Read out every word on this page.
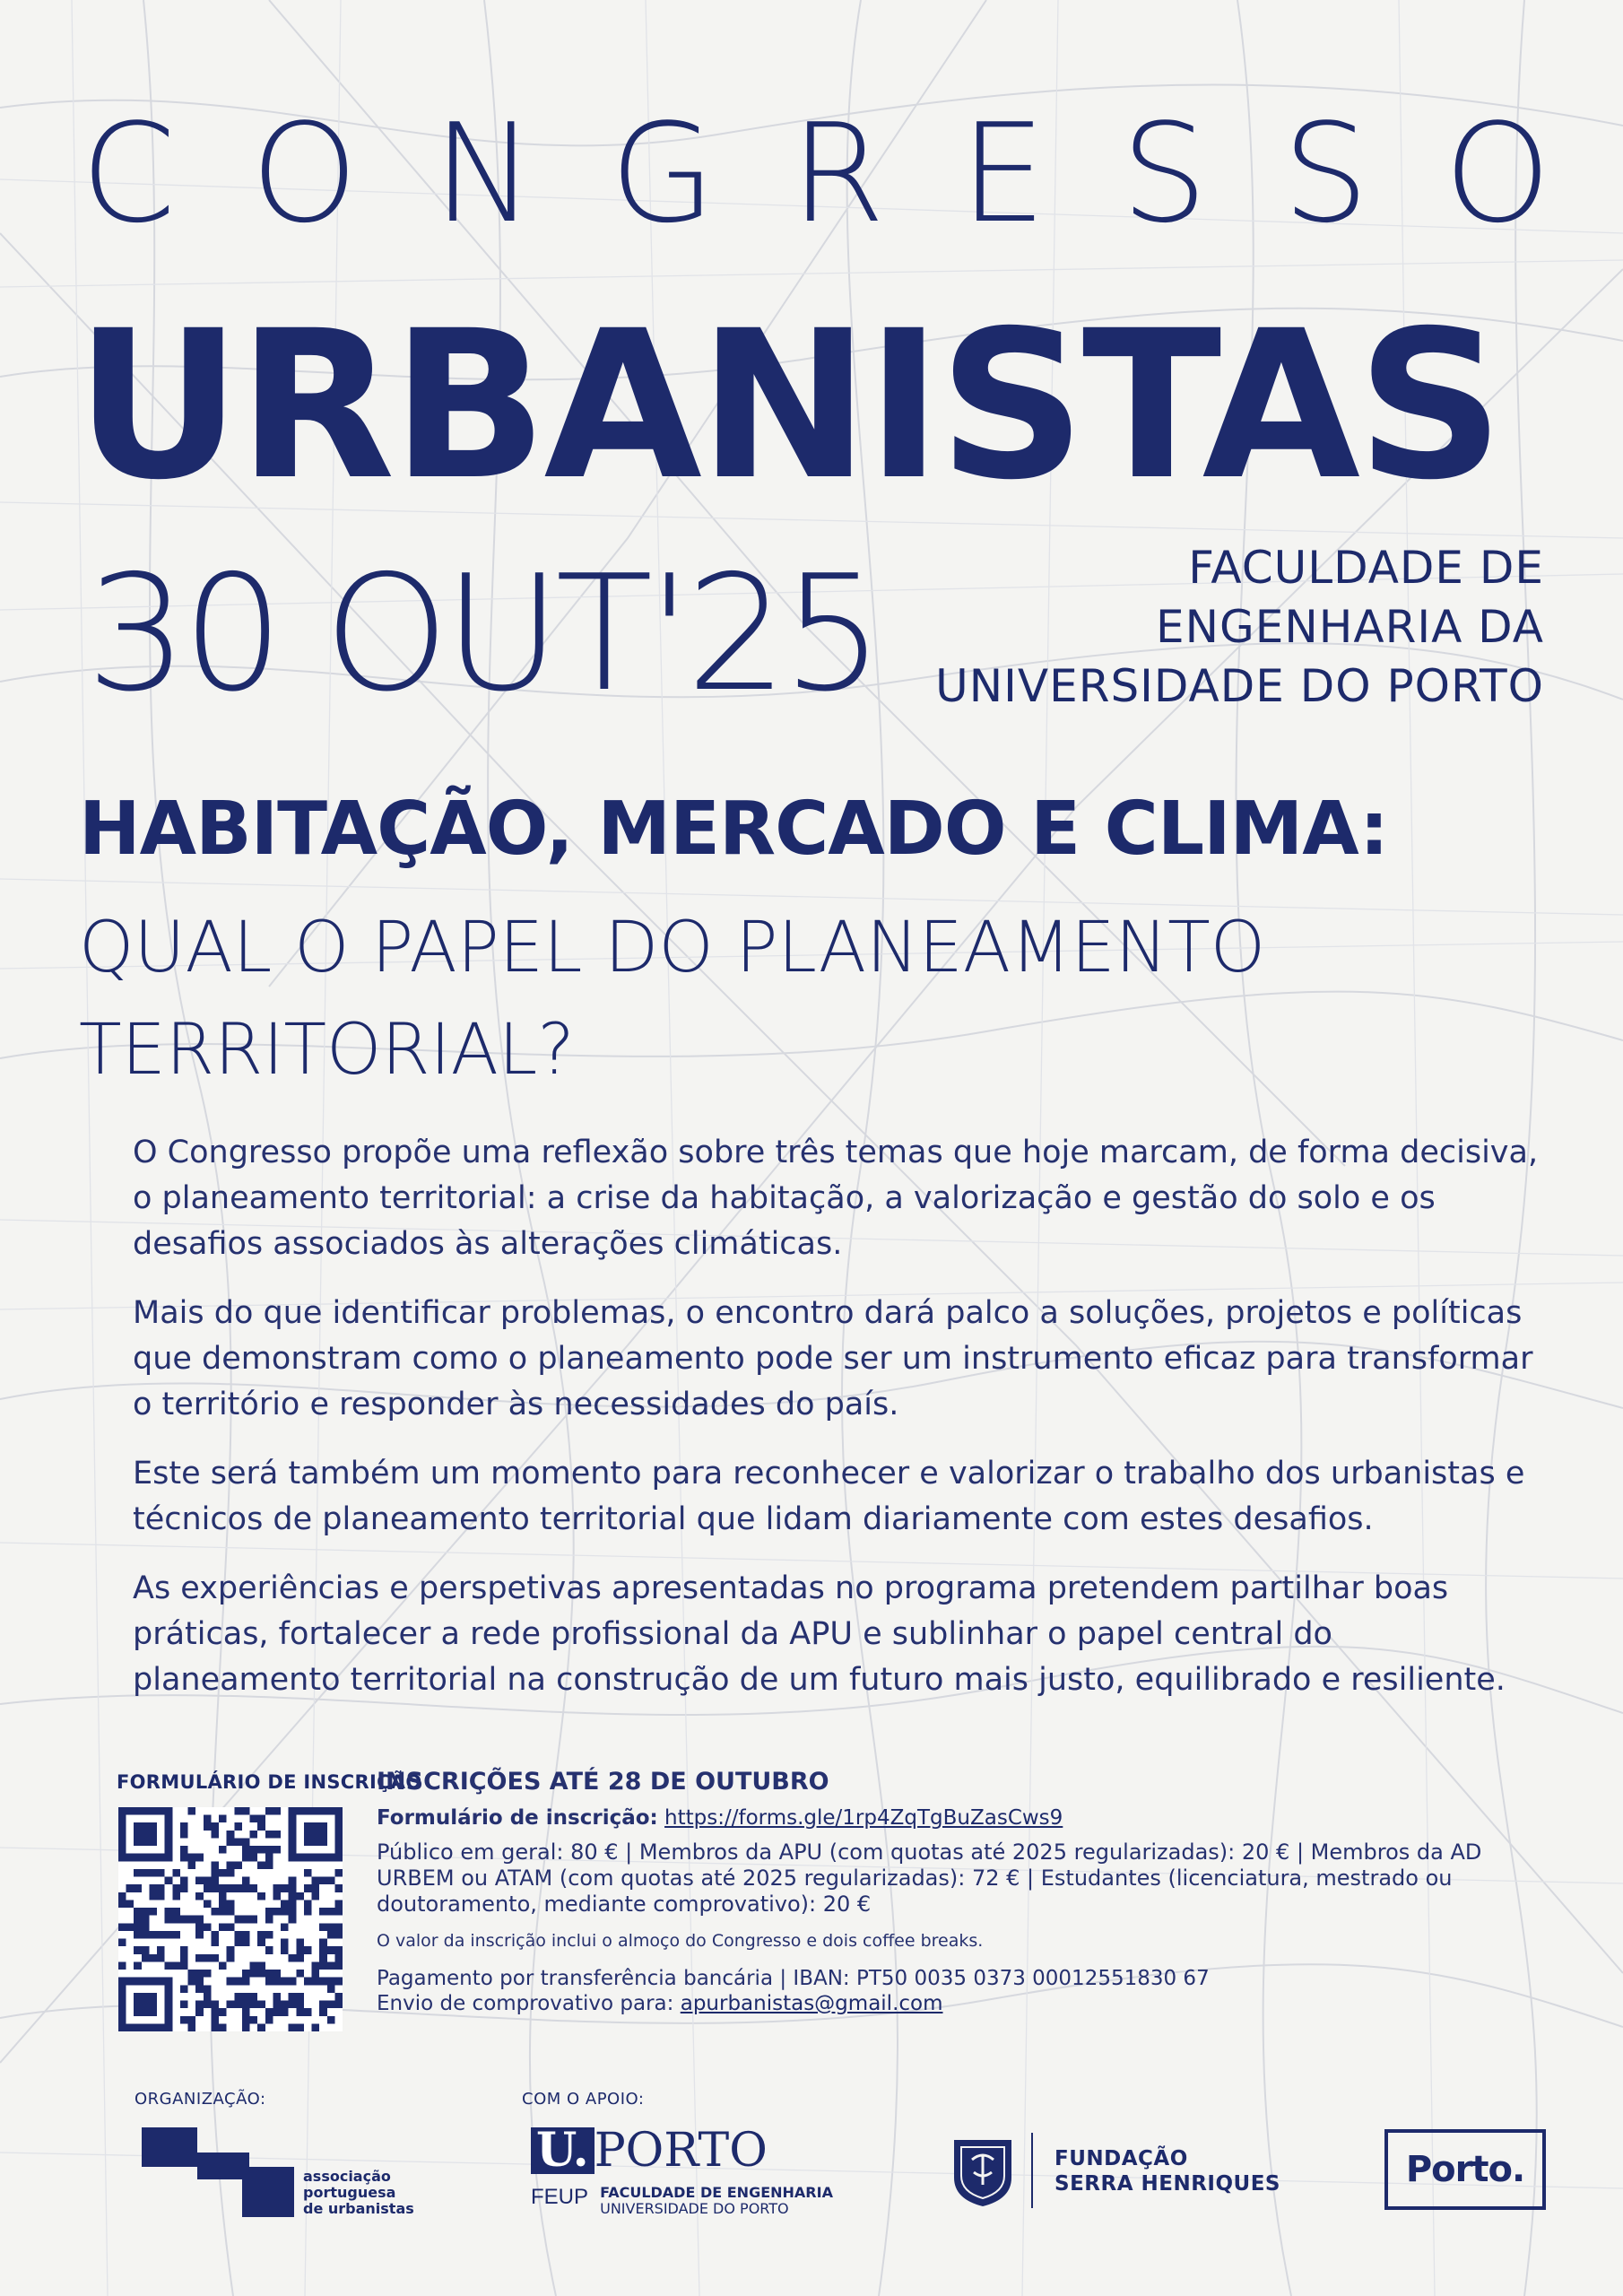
C O N G R E S S O
URBANISTAS
30 OUT'25	FACULDADE DE
ENGENHARIA DA
UNIVERSIDADE DO PORTO
HABITAÇÃO, MERCADO E CLIMA:
QUAL O PAPEL DO PLANEAMENTO
TERRITORIAL?

O Congresso propõe uma reflexão sobre três temas que hoje marcam, de forma decisiva, o planeamento territorial: a crise da habitação, a valorização e gestão do solo e os desafios associados às alterações climáticas.

Mais do que identificar problemas, o encontro dará palco a soluções, projetos e políticas que demonstram como o planeamento pode ser um instrumento eficaz para transformar o território e responder às necessidades do país.

Este será também um momento para reconhecer e valorizar o trabalho dos urbanistas e técnicos de planeamento territorial que lidam diariamente com estes desafios.

As experiências e perspetivas apresentadas no programa pretendem partilhar boas práticas, fortalecer a rede profissional da APU e sublinhar o papel central do planeamento territorial na construção de um futuro mais justo, equilibrado e resiliente.

FORMULÁRIO DE INSCRIÇÃO
INSCRIÇÕES ATÉ 28 DE OUTUBRO
Formulário de inscrição: https://forms.gle/1rp4ZqTgBuZasCws9
Público em geral: 80 € | Membros da APU (com quotas até 2025 regularizadas): 20 € | Membros da AD URBEM ou ATAM (com quotas até 2025 regularizadas): 72 € | Estudantes (licenciatura, mestrado ou doutoramento, mediante comprovativo): 20 €
O valor da inscrição inclui o almoço do Congresso e dois coffee breaks.
Pagamento por transferência bancária | IBAN: PT50 0035 0373 00012551830 67
Envio de comprovativo para: apurbanistas@gmail.com
ORGANIZAÇÃO:	COM O APOIO:
associação
portuguesa
de urbanistas
U. PORTO
FEUP FACULDADE DE ENGENHARIA
UNIVERSIDADE DO PORTO
FUNDAÇÃO
SERRA HENRIQUES	Porto.
